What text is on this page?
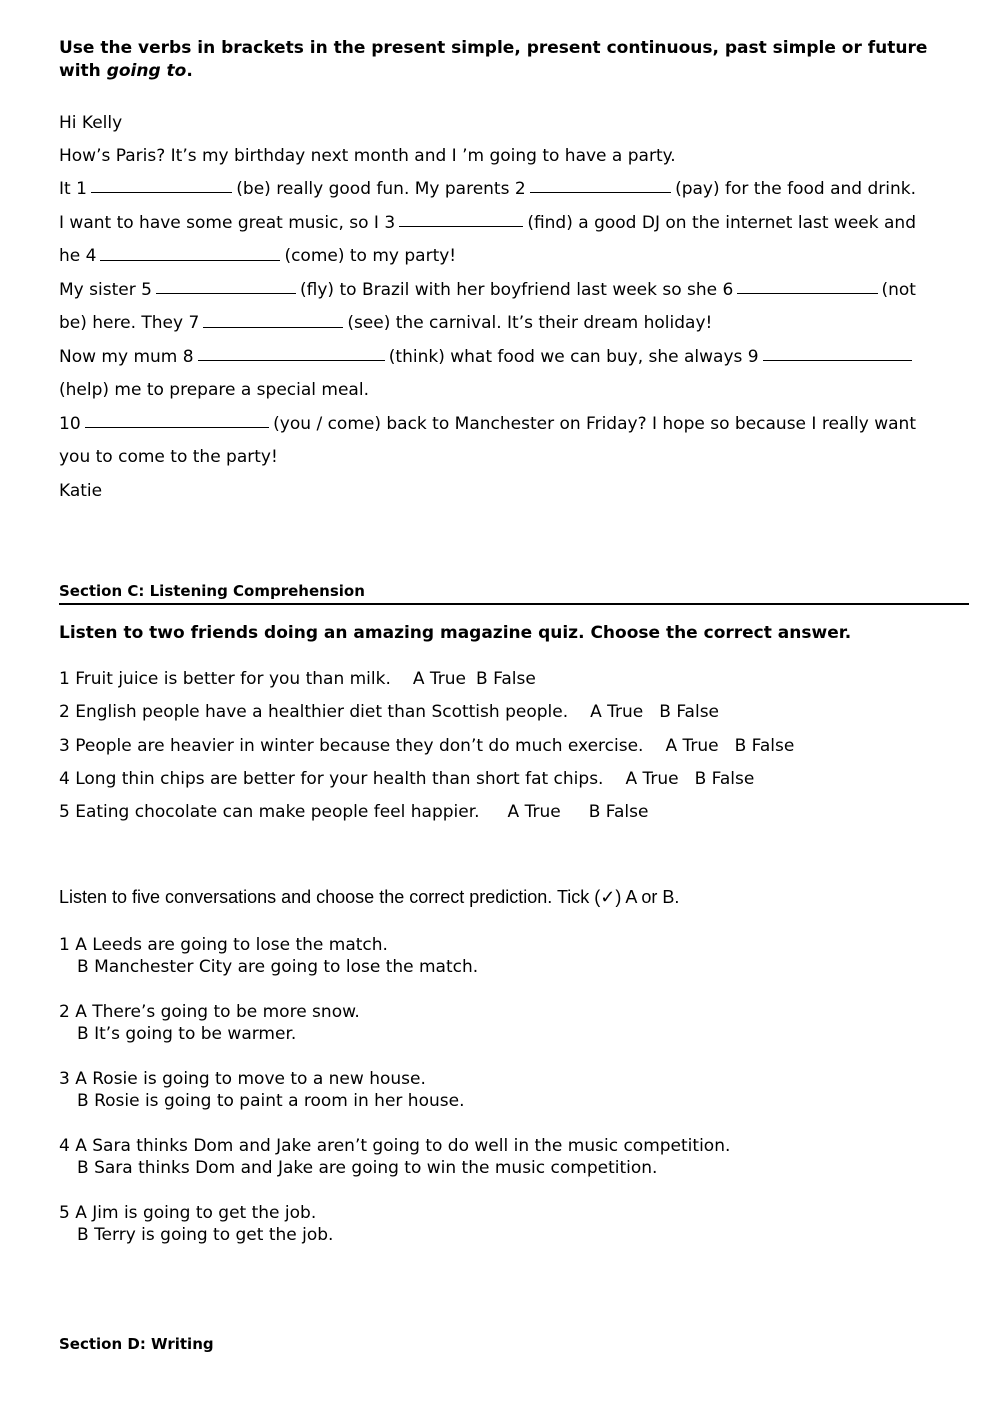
Use the verbs in brackets in the present simple, present continuous, past simple or future
with going to.
Hi Kelly
How’s Paris? It’s my birthday next month and I ’m going to have a party.
It 1	(be) really good fun. My parents 2	(pay) for the food and drink.
I want to have some great music, so I 3	(find) a good DJ on the internet last week and
he 4	(come) to my party!
My sister 5	(fly) to Brazil with her boyfriend last week so she 6	(not
be) here. They 7	(see) the carnival. It’s their dream holiday!
Now my mum 8	(think) what food we can buy, she always 9
(help) me to prepare a special meal.
10	(you / come) back to Manchester on Friday? I hope so because I really want
you to come to the party!
Katie
Section C: Listening Comprehension
Listen to two friends doing an amazing magazine quiz. Choose the correct answer.
1 Fruit juice is better for you than milk. A True B False
2 English people have a healthier diet than Scottish people. A True B False
3 People are heavier in winter because they don’t do much exercise. A True B False
4 Long thin chips are better for your health than short fat chips. A True B False
5 Eating chocolate can make people feel happier. A True B False
Listen to five conversations and choose the correct prediction. Tick (✓) A or B.
1 A Leeds are going to lose the match.
B Manchester City are going to lose the match.
2 A There’s going to be more snow.
B It’s going to be warmer.
3 A Rosie is going to move to a new house.
B Rosie is going to paint a room in her house.
4 A Sara thinks Dom and Jake aren’t going to do well in the music competition.
B Sara thinks Dom and Jake are going to win the music competition.
5 A Jim is going to get the job.
B Terry is going to get the job.
Section D: Writing
